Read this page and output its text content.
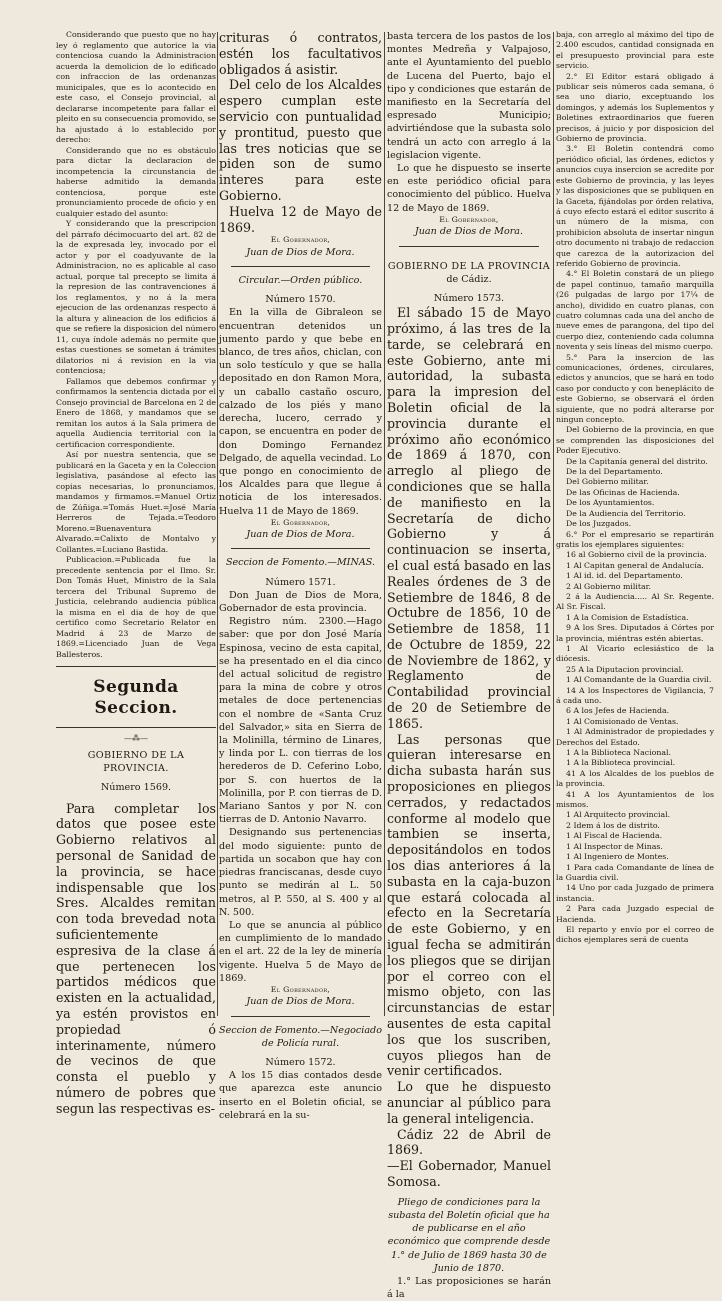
Considerando que puesto que no hay ley ó reglamento que autorice la via contenciosa cuando la Administracion acuerda la demolicion de lo edificado con infraccion de las ordenanzas municipales, que es lo acontecido en este caso, el Consejo provincial, al declararse incompetente para fallar el pleito en su consecuencia promovido, se ha ajustado á lo establecido por derecho:

Considerando que no es obstáculo para dictar la declaracion de incompetencia la circunstancia de haberse admitido la demanda contenciosa, porque este pronunciamiento procede de oficio y en cualquier estado del asunto:

Y considerando que la prescripcion del párrafo décimocuarto del art. 82 de la de expresada ley, invocado por el actor y por el coadyuvante de la Administracion, no es aplicable al caso actual, porque tal precepto se limita á la represion de las contravenciones á los reglamentos, y no á la mera ejecucion de las ordenanzas respecto á la altura y alineacion de los edificios á que se refiere la disposicion del número 11, cuya índole además no permite que estas cuestiones se sometan á trámites dilatorios ni á revision en la via contenciosa;

Fallamos que debemos confirmar y confirmamos la sentencia dictada por el Consejo provincial de Barcelona en 2 de Enero de 1868, y mandamos que se remitan los autos á la Sala primera de aquella Audiencia territorial con la certificacion correspondiente.

Así por nuestra sentencia, que se publicará en la Gaceta y en la Coleccion legislativa, pasándose al efecto las copias necesarias, lo pronunciamos, mandamos y firmamos.=Manuel Ortiz de Zúñiga.=Tomás Huet.=José María Herreros de Tejada.=Teodoro Moreno.=Buenaventura Alvarado.=Calixto de Montalvo y Collantes.=Luciano Bastida.

Publicacion.=Publicada fue la precedente sentencia por el Ilmo. Sr. Don Tomás Huet, Ministro de la Sala tercera del Tribunal Supremo de Justicia, celebrando audiencia pública la misma en el dia de hoy de que certifico como Secretario Relator en Madrid á 23 de Marzo de 1869.=Licenciado Juan de Vega Ballesteros.

Segunda Seccion.
—⁂—

GOBIERNO DE LA PROVINCIA.

Número 1569.

Para completar los datos que posee este Gobierno relativos al personal de Sanidad de la provincia, se hace indispensable que los Sres. Alcaldes remitan con toda brevedad nota suficientemente espresiva de la clase á que pertenecen los partidos médicos que existen en la actualidad, ya estén provistos en propiedad ó interinamente, número de vecinos de que consta el pueblo y número de pobres que segun las respectivas es-

crituras ó contratos, estén los facultativos obligados á asistir.

Del celo de los Alcaldes espero cumplan este servicio con puntualidad y prontitud, puesto que las tres noticias que se piden son de sumo interes para este Gobierno.

Huelva 12 de Mayo de 1869.

El Gobernador,

Juan de Dios de Mora.

Circular.—Orden público.

Número 1570.

En la villa de Gibraleon se encuentran detenidos un jumento pardo y que bebe en blanco, de tres años, chiclan, con un solo testículo y que se halla depositado en don Ramon Mora, y un caballo castaño oscuro, calzado de los piés y mano derecha, lucero, cerrado y capon, se encuentra en poder de don Domingo Fernandez Delgado, de aquella vecindad. Lo que pongo en conocimiento de los Alcaldes para que llegue á noticia de los interesados. Huelva 11 de Mayo de 1869.

El Gobernador,

Juan de Dios de Mora.

Seccion de Fomento.—MINAS.

Número 1571.

Don Juan de Dios de Mora, Gobernador de esta provincia.

Registro núm. 2300.—Hago saber: que por don José María Espinosa, vecino de esta capital, se ha presentado en el dia cinco del actual solicitud de registro para la mina de cobre y otros metales de doce pertenencias con el nombre de «Santa Cruz del Salvador,» sita en Sierra de la Molinilla, término de Linares, y linda por L. con tierras de los herederos de D. Ceferino Lobo, por S. con huertos de la Molinilla, por P. con tierras de D. Mariano Santos y por N. con tierras de D. Antonio Navarro.

Designando sus pertenencias del modo siguiente: punto de partida un socabon que hay con piedras franciscanas, desde cuyo punto se medirán al L. 50 metros, al P. 550, al S. 400 y al N. 500.

Lo que se anuncia al público en cumplimiento de lo mandado en el art. 22 de la ley de minería vigente. Huelva 5 de Mayo de 1869.

El Gobernador,

Juan de Dios de Mora.

Seccion de Fomento.—Negociado de Policía rural.

Número 1572.

A los 15 dias contados desde que aparezca este anuncio inserto en el Boletin oficial, se celebrará en la su-

basta tercera de los pastos de los montes Medreña y Valpajoso, ante el Ayuntamiento del pueblo de Lucena del Puerto, bajo el tipo y condiciones que estarán de manifiesto en la Secretaría del espresado Municipio; advirtiéndose que la subasta solo tendrá un acto con arreglo á la legislacion vigente.

Lo que he dispuesto se inserte en este periódico oficial para conocimiento del público. Huelva 12 de Mayo de 1869.

El Gobernador,

Juan de Dios de Mora.

GOBIERNO DE LA PROVINCIA

de Cádiz.

Número 1573.

El sábado 15 de Mayo próximo, á las tres de la tarde, se celebrará en este Gobierno, ante mi autoridad, la subasta para la impresion del Boletin oficial de la provincia durante el próximo año económico de 1869 á 1870, con arreglo al pliego de condiciones que se halla de manifiesto en la Secretaría de dicho Gobierno y á continuacion se inserta, el cual está basado en las Reales órdenes de 3 de Setiembre de 1846, 8 de Octubre de 1856, 10 de Setiembre de 1858, 11 de Octubre de 1859, 22 de Noviembre de 1862, y Reglamento de Contabilidad provincial de 20 de Setiembre de 1865.

Las personas que quieran interesarse en dicha subasta harán sus proposiciones en pliegos cerrados, y redactados conforme al modelo que tambien se inserta, depositándolos en todos los dias anteriores á la subasta en la caja-buzon que estará colocada al efecto en la Secretaría de este Gobierno, y en igual fecha se admitirán los pliegos que se dirijan por el correo con el mismo objeto, con las circunstancias de estar ausentes de esta capital los que los suscriben, cuyos pliegos han de venir certificados.

Lo que he dispuesto anunciar al público para la general inteligencia.

Cádiz 22 de Abril de 1869.

—El Gobernador, Manuel Somosa.

Pliego de condiciones para la subasta del Boletin oficial que ha de publicarse en el año económico que comprende desde 1.° de Julio de 1869 hasta 30 de Junio de 1870.

1.° Las proposiciones se harán á la

baja, con arreglo al máximo del tipo de 2.400 escudos, cantidad consignada en el presupuesto provincial para este servicio.

2.° El Editor estará obligado á publicar seis números cada semana, ó sea uno diario, exceptuando los domingos, y además los Suplementos y Boletines extraordinarios que fueren precisos, á juicio y por disposicion del Gobierno de provincia.

3.° El Boletin contendrá como periódico oficial, las órdenes, edictos y anuncios cuya insercion se acredite por este Gobierno de provincia, y las leyes y las disposiciones que se publiquen en la Gaceta, fijándolas por órden relativa, á cuyo efecto estará el editor suscrito á un número de la misma, con prohibicion absoluta de insertar ningun otro documento ni trabajo de redaccion que carezca de la autorizacion del referido Gobierno de provincia.

4.° El Boletin constará de un pliego de papel continuo, tamaño marquilla (26 pulgadas de largo por 17¼ de ancho), dividido en cuatro planas, con cuatro columnas cada una del ancho de nueve emes de parangona, del tipo del cuerpo diez, conteniendo cada columna noventa y seis líneas del mismo cuerpo.

5.° Para la insercion de las comunicaciones, órdenes, circulares, edictos y anuncios, que se hará en todo caso por conducto y con beneplácito de este Gobierno, se observará el órden siguiente, que no podrá alterarse por ningun concepto.

Del Gobierno de la provincia, en que se comprenden las disposiciones del Poder Ejecutivo.

De la Capitanía general del distrito.

De la del Departamento.

Del Gobierno militar.

De las Oficinas de Hacienda.

De los Ayuntamientos.

De la Audiencia del Territorio.

De los Juzgados.

6.° Por el empresario se repartirán gratis los ejemplares siguientes:

16 al Gobierno civil de la provincia.

1 Al Capitan general de Andalucía.

1 Al id. id. del Departamento.

2 Al Gobierno militar.

2 á la Audiencia..... Al Sr. Regente. Al Sr. Fiscal.

1 A la Comision de Estadística.

9 A los Sres. Diputados á Córtes por la provincia, miéntras estén abiertas.

1 Al Vicario eclesiástico de la diócesis.

25 A la Diputacion provincial.

1 Al Comandante de la Guardia civil.

14 A los Inspectores de Vigilancia, 7 á cada uno.

6 A los Jefes de Hacienda.

1 Al Comisionado de Ventas.

1 Al Administrador de propiedades y Derechos del Estado.

1 A la Biblioteca Nacional.

1 A la Biblioteca provincial.

41 A los Alcaldes de los pueblos de la provincia.

41 A los Ayuntamientos de los mismos.

1 Al Arquitecto provincial.

2 Idem á los de distrito.

1 Al Fiscal de Hacienda.

1 Al Inspector de Minas.

1 Al Ingeniero de Montes.

1 Para cada Comandante de línea de la Guardia civil.

14 Uno por cada Juzgado de primera instancia.

2 Para cada Juzgado especial de Hacienda.

El reparto y envío por el correo de dichos ejemplares será de cuenta
